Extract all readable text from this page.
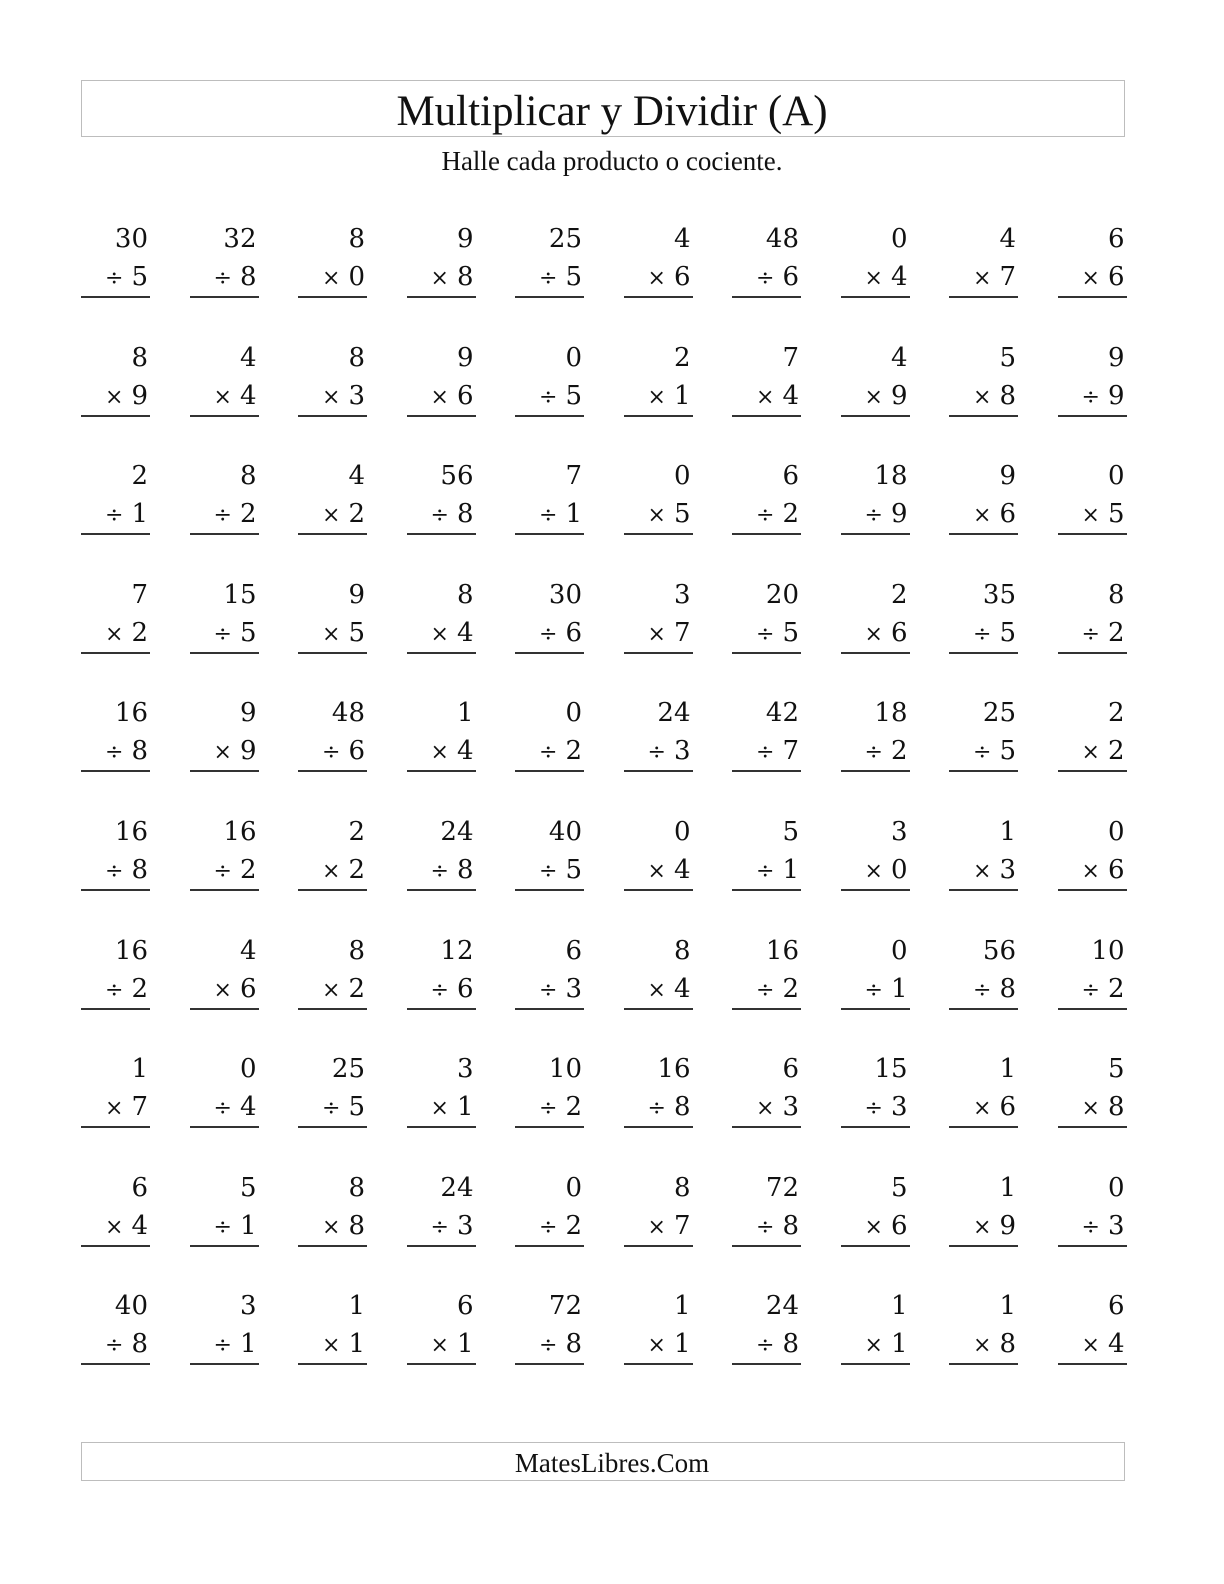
Multiplicar y Dividir (A)
Halle cada producto o cociente.
30
÷ 5
32
÷ 8
8
× 0
9
× 8
25
÷ 5
4
× 6
48
÷ 6
0
× 4
4
× 7
6
× 6
8
× 9
4
× 4
8
× 3
9
× 6
0
÷ 5
2
× 1
7
× 4
4
× 9
5
× 8
9
÷ 9
2
÷ 1
8
÷ 2
4
× 2
56
÷ 8
7
÷ 1
0
× 5
6
÷ 2
18
÷ 9
9
× 6
0
× 5
7
× 2
15
÷ 5
9
× 5
8
× 4
30
÷ 6
3
× 7
20
÷ 5
2
× 6
35
÷ 5
8
÷ 2
16
÷ 8
9
× 9
48
÷ 6
1
× 4
0
÷ 2
24
÷ 3
42
÷ 7
18
÷ 2
25
÷ 5
2
× 2
16
÷ 8
16
÷ 2
2
× 2
24
÷ 8
40
÷ 5
0
× 4
5
÷ 1
3
× 0
1
× 3
0
× 6
16
÷ 2
4
× 6
8
× 2
12
÷ 6
6
÷ 3
8
× 4
16
÷ 2
0
÷ 1
56
÷ 8
10
÷ 2
1
× 7
0
÷ 4
25
÷ 5
3
× 1
10
÷ 2
16
÷ 8
6
× 3
15
÷ 3
1
× 6
5
× 8
6
× 4
5
÷ 1
8
× 8
24
÷ 3
0
÷ 2
8
× 7
72
÷ 8
5
× 6
1
× 9
0
÷ 3
40
÷ 8
3
÷ 1
1
× 1
6
× 1
72
÷ 8
1
× 1
24
÷ 8
1
× 1
1
× 8
6
× 4
MatesLibres.Com
